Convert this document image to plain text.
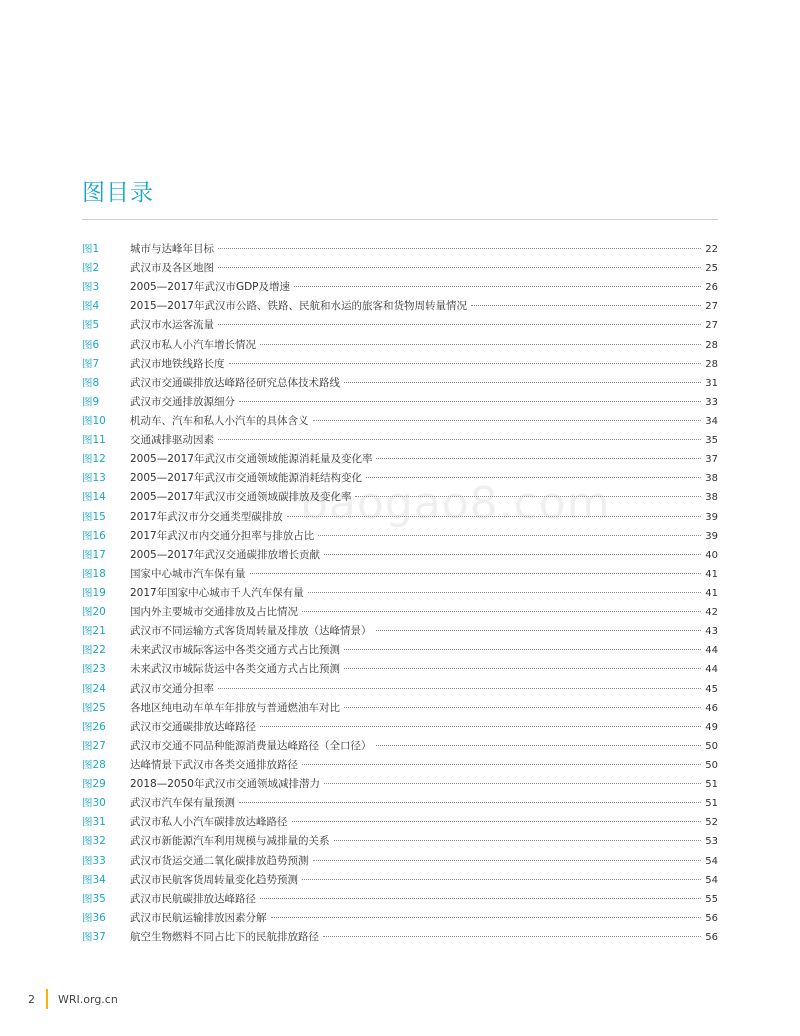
图目录
baogao8.com
图1	城市与达峰年目标	22
图2	武汉市及各区地图	25
图3	2005—2017年武汉市GDP及增速	26
图4	2015—2017年武汉市公路、铁路、民航和水运的旅客和货物周转量情况	27
图5	武汉市水运客流量	27
图6	武汉市私人小汽车增长情况	28
图7	武汉市地铁线路长度	28
图8	武汉市交通碳排放达峰路径研究总体技术路线	31
图9	武汉市交通排放源细分	33
图10	机动车、汽车和私人小汽车的具体含义	34
图11	交通减排驱动因素	35
图12	2005—2017年武汉市交通领域能源消耗量及变化率	37
图13	2005—2017年武汉市交通领域能源消耗结构变化	38
图14	2005—2017年武汉市交通领域碳排放及变化率	38
图15	2017年武汉市分交通类型碳排放	39
图16	2017年武汉市内交通分担率与排放占比	39
图17	2005—2017年武汉交通碳排放增长贡献	40
图18	国家中心城市汽车保有量	41
图19	2017年国家中心城市千人汽车保有量	41
图20	国内外主要城市交通排放及占比情况	42
图21	武汉市不同运输方式客货周转量及排放（达峰情景）	43
图22	未来武汉市城际客运中各类交通方式占比预测	44
图23	未来武汉市城际货运中各类交通方式占比预测	44
图24	武汉市交通分担率	45
图25	各地区纯电动车单车年排放与普通燃油车对比	46
图26	武汉市交通碳排放达峰路径	49
图27	武汉市交通不同品种能源消费量达峰路径（全口径）	50
图28	达峰情景下武汉市各类交通排放路径	50
图29	2018—2050年武汉市交通领域减排潜力	51
图30	武汉市汽车保有量预测	51
图31	武汉市私人小汽车碳排放达峰路径	52
图32	武汉市新能源汽车利用规模与减排量的关系	53
图33	武汉市货运交通二氧化碳排放趋势预测	54
图34	武汉市民航客货周转量变化趋势预测	54
图35	武汉市民航碳排放达峰路径	55
图36	武汉市民航运输排放因素分解	56
图37	航空生物燃料不同占比下的民航排放路径	56
2 WRI.org.cn
